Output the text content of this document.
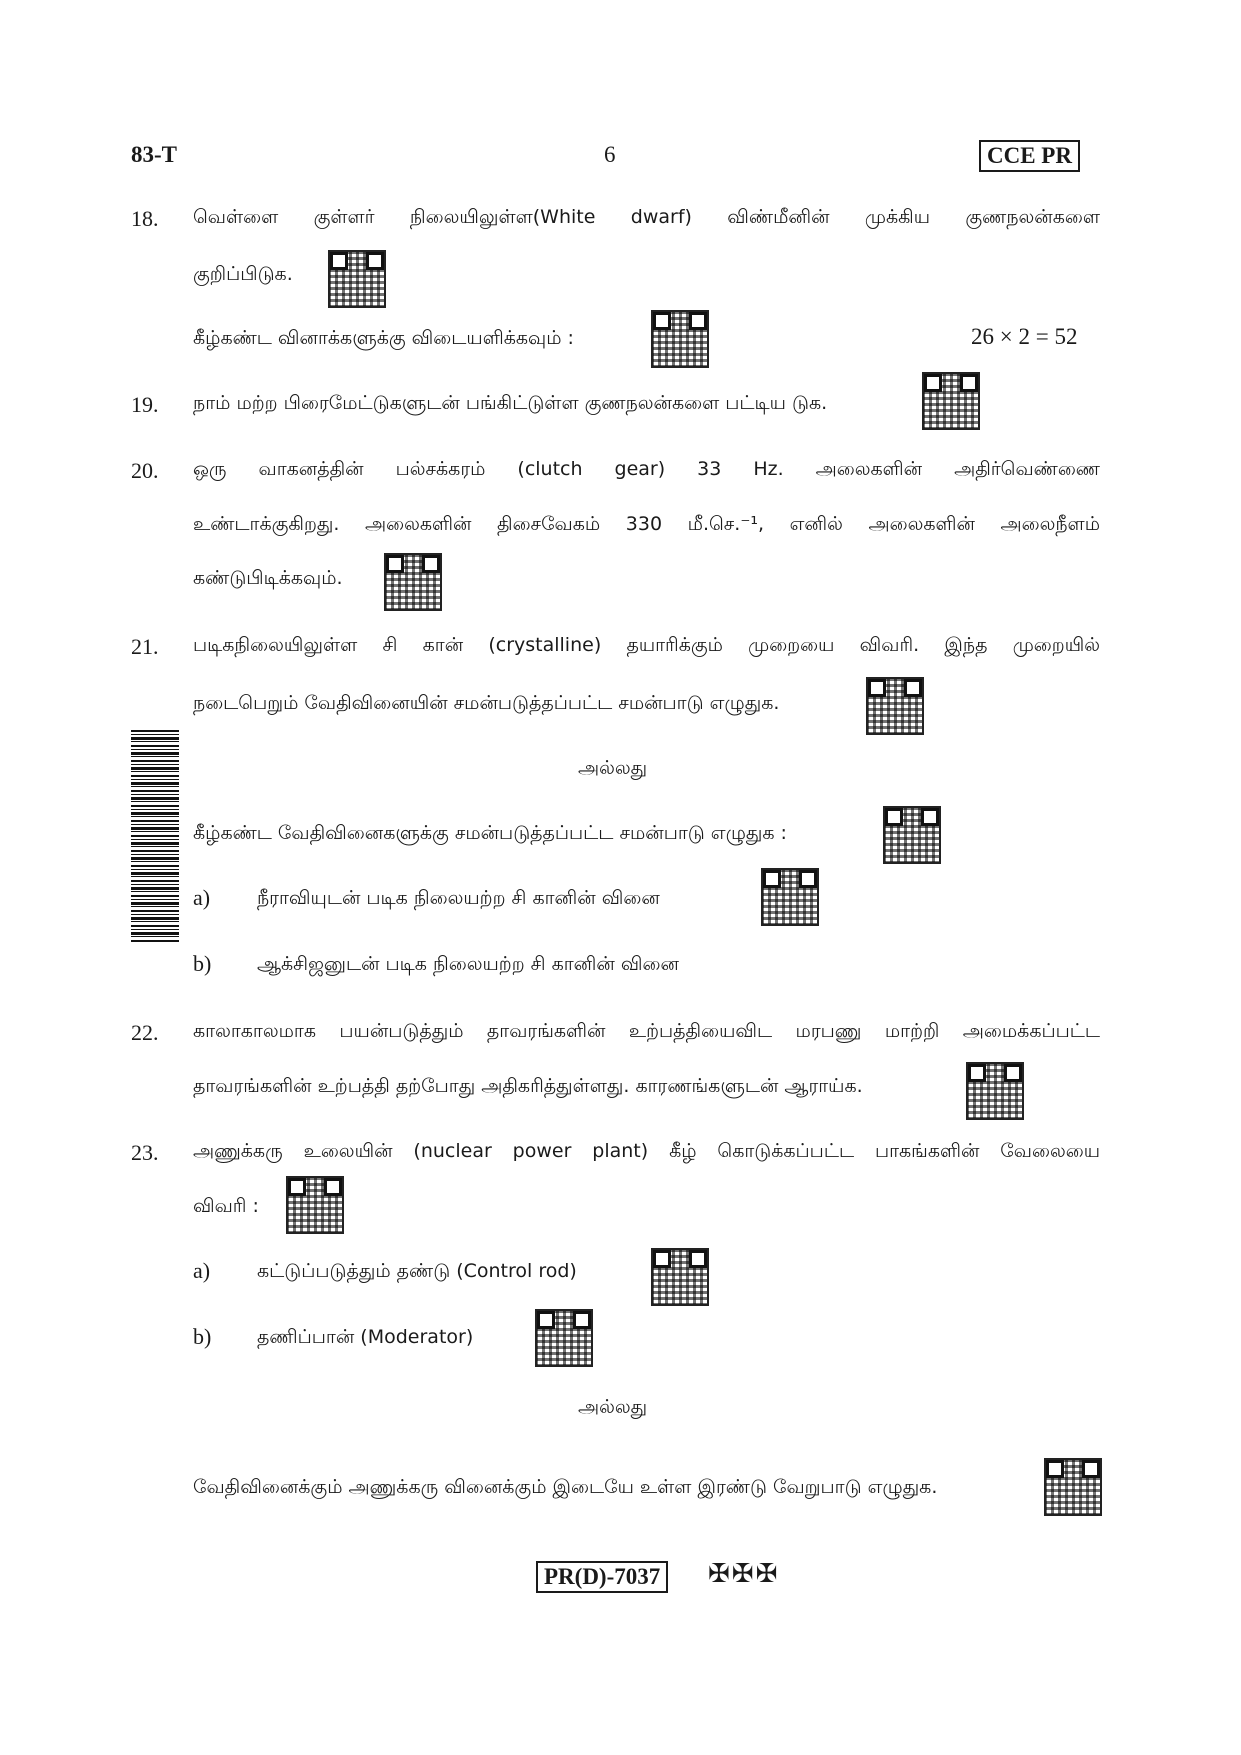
83-T	6	CCE PR
18. வெள்ளை குள்ளர் நிலையிலுள்ள(White dwarf) விண்மீனின் முக்கிய குணநலன்களை
குறிப்பிடுக.
கீழ்கண்ட வினாக்களுக்கு விடையளிக்கவும் :	26 × 2 = 52
19. நாம் மற்ற பிரைமேட்டுகளுடன் பங்கிட்டுள்ள குணநலன்களை பட்டிய டுக.
20. ஒரு வாகனத்தின் பல்சக்கரம் (clutch gear) 33 Hz. அலைகளின் அதிர்வெண்ணை
உண்டாக்குகிறது. அலைகளின் திசைவேகம் 330 மீ.செ.⁻¹, எனில் அலைகளின் அலைநீளம்
கண்டுபிடிக்கவும்.
21. படிகநிலையிலுள்ள சி கான் (crystalline) தயாரிக்கும் முறையை விவரி. இந்த முறையில்
நடைபெறும் வேதிவினையின் சமன்படுத்தப்பட்ட சமன்பாடு எழுதுக.
அல்லது
கீழ்கண்ட வேதிவினைகளுக்கு சமன்படுத்தப்பட்ட சமன்பாடு எழுதுக :
a) நீராவியுடன் படிக நிலையற்ற சி கானின் வினை
b) ஆக்சிஜனுடன் படிக நிலையற்ற சி கானின் வினை
22. காலாகாலமாக பயன்படுத்தும் தாவரங்களின் உற்பத்தியைவிட மரபணு மாற்றி அமைக்கப்பட்ட
தாவரங்களின் உற்பத்தி தற்போது அதிகரித்துள்ளது. காரணங்களுடன் ஆராய்க.
23. அணுக்கரு உலையின் (nuclear power plant) கீழ் கொடுக்கப்பட்ட பாகங்களின் வேலையை
விவரி :
a) கட்டுப்படுத்தும் தண்டு (Control rod)
b) தணிப்பான் (Moderator)
அல்லது
வேதிவினைக்கும் அணுக்கரு வினைக்கும் இடையே உள்ள இரண்டு வேறுபாடு எழுதுக.
PR(D)-7037	✠✠✠
